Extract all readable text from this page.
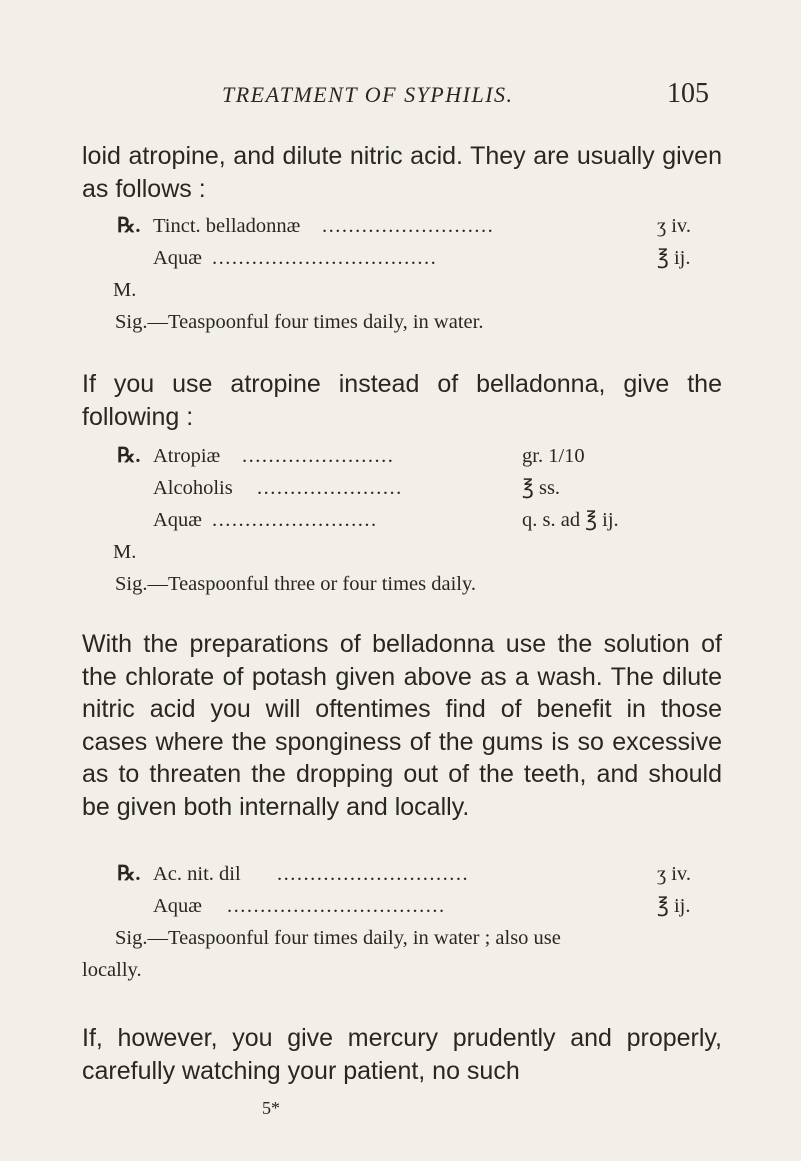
TREATMENT OF SYPHILIS.	105

loid atropine, and dilute nitric acid. They are usually given as follows :

℞. Tinct. belladonnæ ..........................	ʒ iv.
Aquæ ..................................	℥ ij.
M.
Sig.—Teaspoonful four times daily, in water.

If you use atropine instead of belladonna, give the following :

℞. Atropiæ .......................	gr. 1/10
Alcoholis ......................	℥ ss.
Aquæ .........................	q. s. ad ℥ ij.
M.
Sig.—Teaspoonful three or four times daily.

With the preparations of belladonna use the solution of the chlorate of potash given above as a wash. The dilute nitric acid you will oftentimes find of benefit in those cases where the sponginess of the gums is so excessive as to threaten the dropping out of the teeth, and should be given both internally and locally.

℞. Ac. nit. dil .............................	ʒ iv.
Aquæ .................................	℥ ij.
Sig.—Teaspoonful four times daily, in water ; also use
locally.

If, however, you give mercury prudently and properly, carefully watching your patient, no such

5*
